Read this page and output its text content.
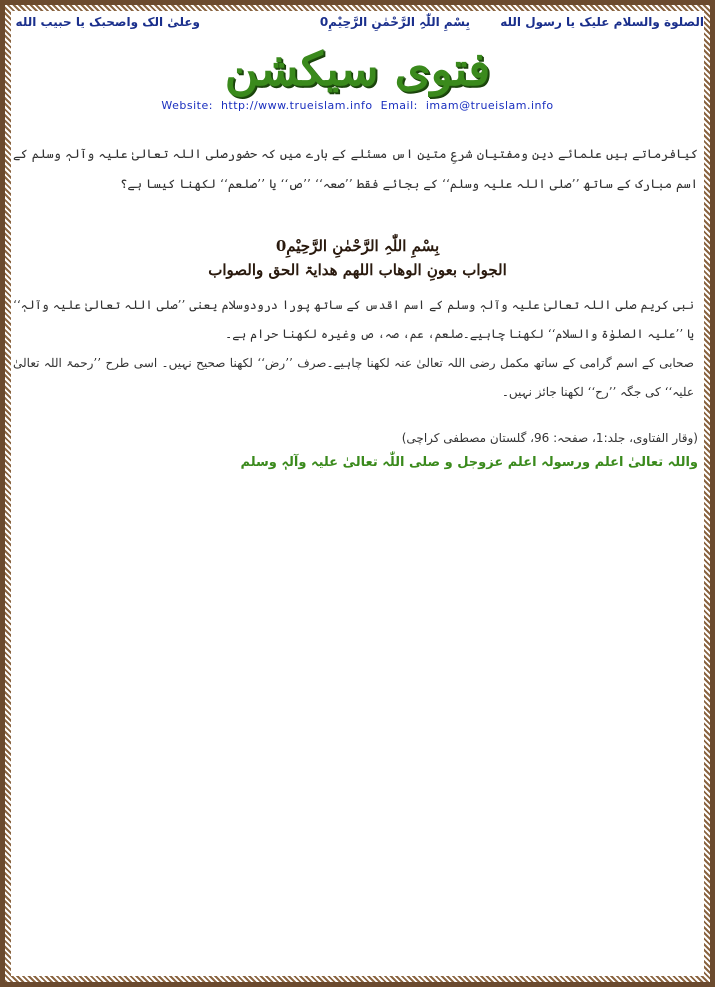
الصلوة والسلام علیک یا رسول الله
بِسْمِ اللّٰہِ الرَّحْمٰنِ الرَّحِیْمِ0
وعلیٰ الک واصحبک یا حبیب الله
فتوی سیکشن
Website: http://www.trueislam.info Email: imam@trueislam.info
کیافرماتے ہیں علمائے دین ومفتیانِ شرعِ متین اس مسئلے کے بارے میں کہ حضورصلی اللہ تعالیٰ علیہ وآلہٖ وسلم کے اسم مبارک کے ساتھ ’’صلی اللہ علیہ وسلم‘‘ کے بجائے فقط ’’صعہ‘‘ ’’ص‘‘ یا ’’صلعم‘‘ لکھنا کیسا ہے؟
بِسْمِ اللّٰہِ الرَّحْمٰنِ الرَّحِیْمِ0
الجواب بعونِ الوھاب اللھم ھدایۃ الحق والصواب

نبی کریم صلی اللہ تعالیٰ علیہ وآلہٖ وسلم کے اسم اقدس کے ساتھ پورا درودوسلام یعنی ’’صلی اللہ تعالیٰ علیہ وآلہٖ‘‘ یا ’’علیہ الصلوٰۃ والسلام‘‘ لکھنا چاہیے۔صلعم، عم، صہ، ص وغیرہ لکھنا حرام ہے۔

صحابی کے اسم گرامی کے ساتھ مکمل رضی اللہ تعالیٰ عنہ لکھنا چاہیے۔صرف ’’رض‘‘ لکھنا صحیح نہیں۔ اسی طرح ’’رحمۃ اللہ تعالیٰ علیہ‘‘ کی جگہ ’’رح‘‘ لکھنا جائز نہیں۔

(وقار الفتاوی، جلد:1، صفحہ: 96، گلستان مصطفی کراچی)
واللہ تعالیٰ اعلم ورسولہ اعلم عزوجل و صلی اللّٰہ تعالیٰ علیہ وآلہٖ وسلم
